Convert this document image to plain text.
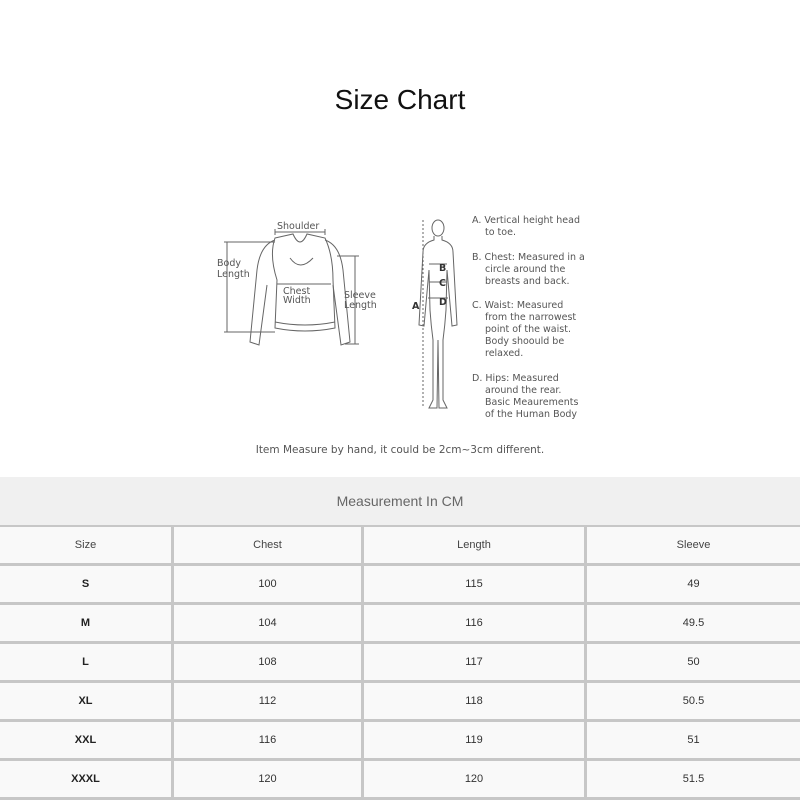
Size Chart
Shoulder
Body
Length
Chest
Width	Sleeve
Length	A
B
C
D
A. Vertical height head
to toe.
B. Chest: Measured in a
circle around the
breasts and back.
C. Waist: Measured
from the narrowest
point of the waist.
Body shoould be
relaxed.
D. Hips: Measured
around the rear.
Basic Meaurements
of the Human Body
Item Measure by hand, it could be 2cm~3cm different.
Measurement In CM
Size	Chest	Length	Sleeve
S	100	115	49
M	104	116	49.5
L	108	117	50
XL	112	118	50.5
XXL	116	119	51
XXXL	120	120	51.5
